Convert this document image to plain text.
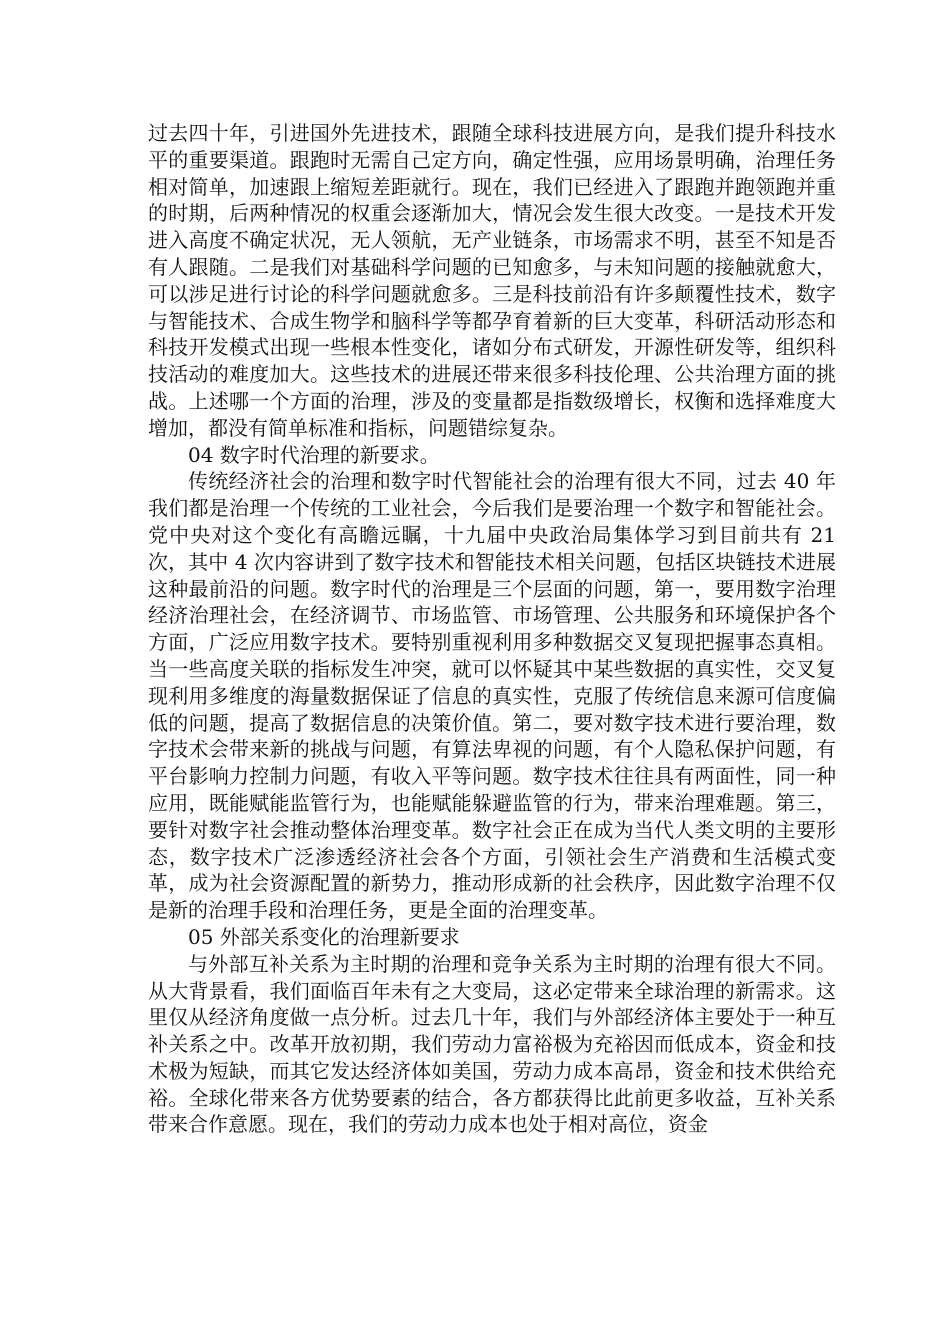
过去四十年，引进国外先进技术，跟随全球科技进展方向，是我们提升科技水平的重要渠道。跟跑时无需自己定方向，确定性强，应用场景明确，治理任务相对简单，加速跟上缩短差距就行。现在，我们已经进入了跟跑并跑领跑并重的时期，后两种情况的权重会逐渐加大，情况会发生很大改变。一是技术开发进入高度不确定状况，无人领航，无产业链条，市场需求不明，甚至不知是否有人跟随。二是我们对基础科学问题的已知愈多，与未知问题的接触就愈大，可以涉足进行讨论的科学问题就愈多。三是科技前沿有许多颠覆性技术，数字与智能技术、合成生物学和脑科学等都孕育着新的巨大变革，科研活动形态和科技开发模式出现一些根本性变化，诸如分布式研发，开源性研发等，组织科技活动的难度加大。这些技术的进展还带来很多科技伦理、公共治理方面的挑战。上述哪一个方面的治理，涉及的变量都是指数级增长，权衡和选择难度大增加，都没有简单标准和指标，问题错综复杂。

04 数字时代治理的新要求。

传统经济社会的治理和数字时代智能社会的治理有很大不同，过去 40 年我们都是治理一个传统的工业社会，今后我们是要治理一个数字和智能社会。党中央对这个变化有高瞻远瞩，十九届中央政治局集体学习到目前共有 21 次，其中 4 次内容讲到了数字技术和智能技术相关问题，包括区块链技术进展这种最前沿的问题。数字时代的治理是三个层面的问题，第一，要用数字治理经济治理社会，在经济调节、市场监管、市场管理、公共服务和环境保护各个方面，广泛应用数字技术。要特别重视利用多种数据交叉复现把握事态真相。当一些高度关联的指标发生冲突，就可以怀疑其中某些数据的真实性，交叉复现利用多维度的海量数据保证了信息的真实性，克服了传统信息来源可信度偏低的问题，提高了数据信息的决策价值。第二，要对数字技术进行要治理，数字技术会带来新的挑战与问题，有算法卑视的问题，有个人隐私保护问题，有平台影响力控制力问题，有收入平等问题。数字技术往往具有两面性，同一种应用，既能赋能监管行为，也能赋能躲避监管的行为，带来治理难题。第三，要针对数字社会推动整体治理变革。数字社会正在成为当代人类文明的主要形态，数字技术广泛渗透经济社会各个方面，引领社会生产消费和生活模式变革，成为社会资源配置的新势力，推动形成新的社会秩序，因此数字治理不仅是新的治理手段和治理任务，更是全面的治理变革。

05 外部关系变化的治理新要求

与外部互补关系为主时期的治理和竞争关系为主时期的治理有很大不同。从大背景看，我们面临百年未有之大变局，这必定带来全球治理的新需求。这里仅从经济角度做一点分析。过去几十年，我们与外部经济体主要处于一种互补关系之中。改革开放初期，我们劳动力富裕极为充裕因而低成本，资金和技术极为短缺，而其它发达经济体如美国，劳动力成本高昂，资金和技术供给充裕。全球化带来各方优势要素的结合，各方都获得比此前更多收益，互补关系带来合作意愿。现在，我们的劳动力成本也处于相对高位，资金
